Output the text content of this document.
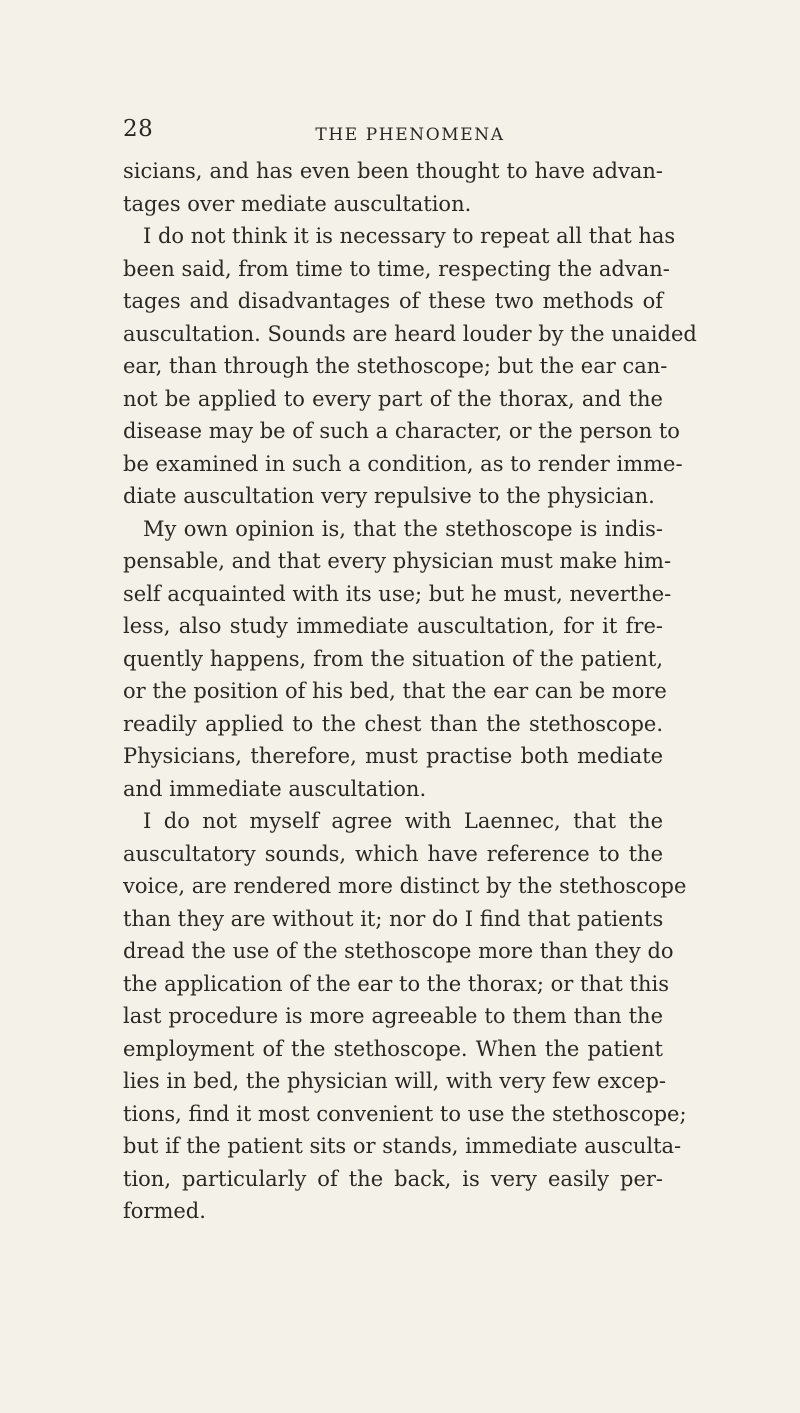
28	THE PHENOMENA
sicians, and has even been thought to have advan-
tages over mediate auscultation.
I do not think it is necessary to repeat all that has
been said, from time to time, respecting the advan-
tages and disadvantages of these two methods of
auscultation. Sounds are heard louder by the unaided
ear, than through the stethoscope; but the ear can-
not be applied to every part of the thorax, and the
disease may be of such a character, or the person to
be examined in such a condition, as to render imme-
diate auscultation very repulsive to the physician.
My own opinion is, that the stethoscope is indis-
pensable, and that every physician must make him-
self acquainted with its use; but he must, neverthe-
less, also study immediate auscultation, for it fre-
quently happens, from the situation of the patient,
or the position of his bed, that the ear can be more
readily applied to the chest than the stethoscope.
Physicians, therefore, must practise both mediate
and immediate auscultation.
I do not myself agree with Laennec, that the
auscultatory sounds, which have reference to the
voice, are rendered more distinct by the stethoscope
than they are without it; nor do I find that patients
dread the use of the stethoscope more than they do
the application of the ear to the thorax; or that this
last procedure is more agreeable to them than the
employment of the stethoscope. When the patient
lies in bed, the physician will, with very few excep-
tions, find it most convenient to use the stethoscope;
but if the patient sits or stands, immediate ausculta-
tion, particularly of the back, is very easily per-
formed.
